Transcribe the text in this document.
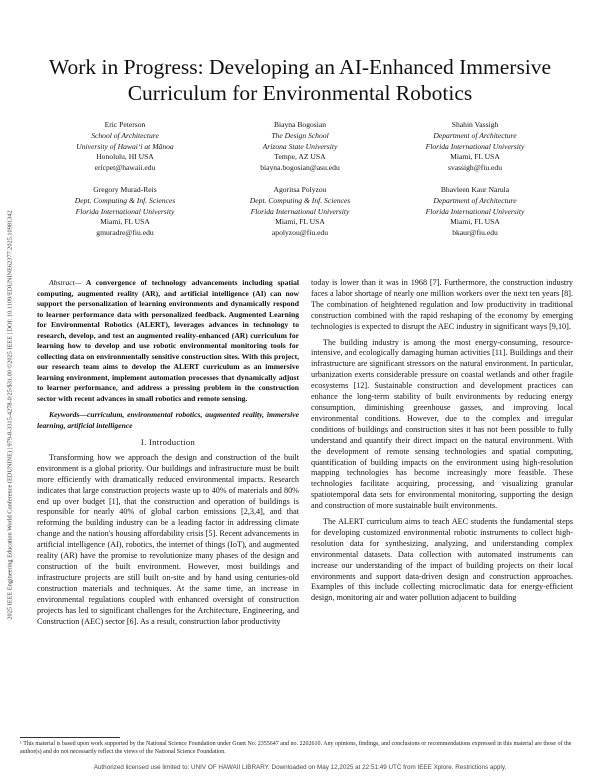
2025 IEEE Engineering Education World Conference (EDUNINE) | 979-8-3315-4278-0/25/$31.00 ©2025 IEEE | DOI: 10.1109/EDUNINE62377.2025.10981342
Work in Progress: Developing an AI-Enhanced Immersive Curriculum for Environmental Robotics
Eric Peterson
School of Architecture
University of Hawaiʻi at Mānoa
Honolulu, HI USA
ericpet@hawaii.edu
Biayna Bogosian
The Design School
Arizona State University
Tempe, AZ USA
biayna.bogosian@asu.edu
Shahin Vassigh
Department of Architecture
Florida International University
Miami, FL USA
svassigh@fiu.edu
Gregory Murad-Reis
Dept. Computing & Inf. Sciences
Florida International University
Miami, FL USA
gmuradre@fiu.edu
Agoritsa Polyzou
Dept. Computing & Inf. Sciences
Florida International University
Miami, FL USA
apolyzou@fiu.edu
Bhavleen Kaur Narula
Department of Architecture
Florida International University
Miami, FL USA
bkaur@fiu.edu

Abstract— A convergence of technology advancements including spatial computing, augmented reality (AR), and artificial intelligence (AI) can now support the personalization of learning environments and dynamically respond to learner performance data with personalized feedback. Augmented Learning for Environmental Robotics (ALERT), leverages advances in technology to research, develop, and test an augmented reality-enhanced (AR) curriculum for learning how to develop and use robotic environmental monitoring tools for collecting data on environmentally sensitive construction sites. With this project, our research team aims to develop the ALERT curriculum as an immersive learning environment, implement automation processes that dynamically adjust to learner performance, and address a pressing problem in the construction sector with recent advances in small robotics and remote sensing.

Keywords—curriculum, environmental robotics, augmented reality, immersive learning, artificial intelligence

I. Introduction

Transforming how we approach the design and construction of the built environment is a global priority. Our buildings and infrastructure must be built more efficiently with dramatically reduced environmental impacts. Research indicates that large construction projects waste up to 40% of materials and 80% end up over budget [1], that the construction and operation of buildings is responsible for nearly 40% of global carbon emissions [2,3,4], and that reforming the building industry can be a leading factor in addressing climate change and the nation's housing affordability crisis [5]. Recent advancements in artificial intelligence (AI), robotics, the internet of things (IoT), and augmented reality (AR) have the promise to revolutionize many phases of the design and construction of the built environment. However, most buildings and infrastructure projects are still built on-site and by hand using centuries-old construction materials and techniques. At the same time, an increase in environmental regulations coupled with enhanced oversight of construction projects has led to significant challenges for the Architecture, Engineering, and Construction (AEC) sector [6]. As a result, construction labor productivity

today is lower than it was in 1968 [7]. Furthermore, the construction industry faces a labor shortage of nearly one million workers over the next ten years [8]. The combination of heightened regulation and low productivity in traditional construction combined with the rapid reshaping of the economy by emerging technologies is expected to disrupt the AEC industry in significant ways [9,10].

The building industry is among the most energy-consuming, resource-intensive, and ecologically damaging human activities [11]. Buildings and their infrastructure are significant stressors on the natural environment. In particular, urbanization exerts considerable pressure on coastal wetlands and other fragile ecosystems [12]. Sustainable construction and development practices can enhance the long-term stability of built environments by reducing energy consumption, diminishing greenhouse gasses, and improving local environmental conditions. However, due to the complex and irregular conditions of buildings and construction sites it has not been possible to fully understand and quantify their direct impact on the natural environment. With the development of remote sensing technologies and spatial computing, quantification of building impacts on the environment using high-resolution mapping technologies has become increasingly more feasible. These technologies facilitate acquiring, processing, and visualizing granular spatiotemporal data sets for environmental monitoring, supporting the design and construction of more sustainable built environments.

The ALERT curriculum aims to teach AEC students the fundamental steps for developing customized environmental robotic instruments to collect high-resolution data for synthesizing, analyzing, and understanding complex environmental datasets. Data collection with automated instruments can increase our understanding of the impact of building projects on their local environments and support data-driven design and construction approaches. Examples of this include collecting microclimatic data for energy-efficient design, monitoring air and water pollution adjacent to building

¹ This material is based upon work supported by the National Science Foundation under Grant No. 2355647 and no. 2202610. Any opinions, findings, and conclusions or recommendations expressed in this material are those of the author(s) and do not necessarily reflect the views of the National Science Foundation.
Authorized licensed use limited to: UNIV OF HAWAII LIBRARY. Downloaded on May 12,2025 at 22:51:49 UTC from IEEE Xplore. Restrictions apply.
